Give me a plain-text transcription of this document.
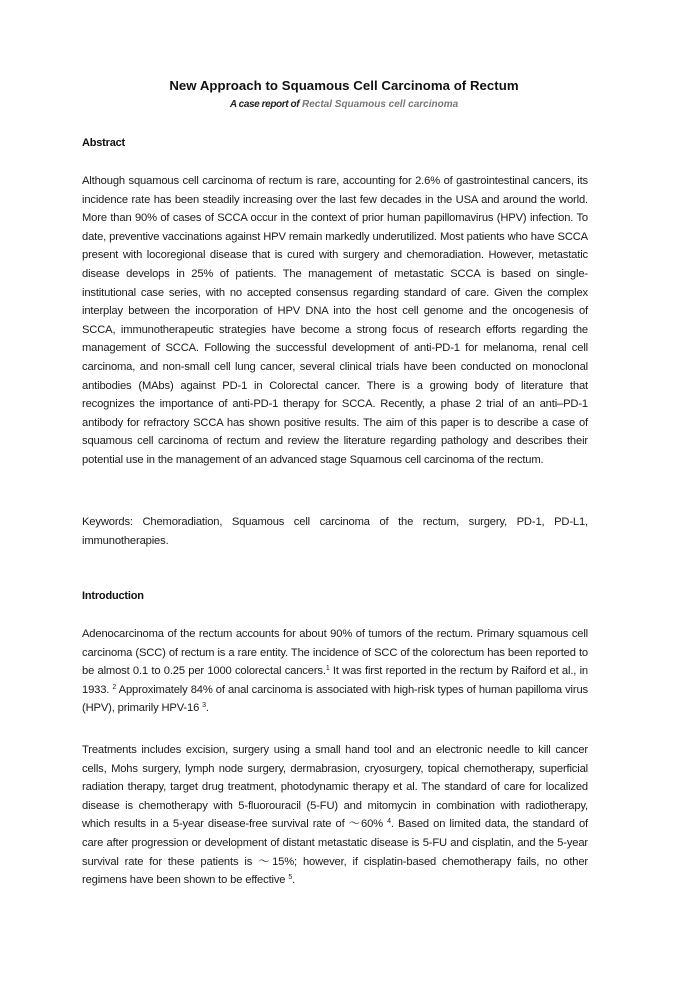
New Approach to Squamous Cell Carcinoma of Rectum
A case report of Rectal Squamous cell carcinoma
Abstract
Although squamous cell carcinoma of rectum is rare, accounting for 2.6% of gastrointestinal cancers, its incidence rate has been steadily increasing over the last few decades in the USA and around the world. More than 90% of cases of SCCA occur in the context of prior human papillomavirus (HPV) infection. To date, preventive vaccinations against HPV remain markedly underutilized. Most patients who have SCCA present with locoregional disease that is cured with surgery and chemoradiation. However, metastatic disease develops in 25% of patients. The management of metastatic SCCA is based on single-institutional case series, with no accepted consensus regarding standard of care. Given the complex interplay between the incorporation of HPV DNA into the host cell genome and the oncogenesis of SCCA, immunotherapeutic strategies have become a strong focus of research efforts regarding the management of SCCA. Following the successful development of anti-PD-1 for melanoma, renal cell carcinoma, and non-small cell lung cancer, several clinical trials have been conducted on monoclonal antibodies (MAbs) against PD-1 in Colorectal cancer. There is a growing body of literature that recognizes the importance of anti-PD-1 therapy for SCCA. Recently, a phase 2 trial of an anti–PD-1 antibody for refractory SCCA has shown positive results. The aim of this paper is to describe a case of squamous cell carcinoma of rectum and review the literature regarding pathology and describes their potential use in the management of an advanced stage Squamous cell carcinoma of the rectum.
Keywords: Chemoradiation, Squamous cell carcinoma of the rectum, surgery, PD-1, PD-L1, immunotherapies.
Introduction
Adenocarcinoma of the rectum accounts for about 90% of tumors of the rectum. Primary squamous cell carcinoma (SCC) of rectum is a rare entity. The incidence of SCC of the colorectum has been reported to be almost 0.1 to 0.25 per 1000 colorectal cancers.$^1$ It was first reported in the rectum by Raiford et al., in 1933. $^2$ Approximately 84% of anal carcinoma is associated with high-risk types of human papilloma virus (HPV), primarily HPV-16 $^3$.
Treatments includes excision, surgery using a small hand tool and an electronic needle to kill cancer cells, Mohs surgery, lymph node surgery, dermabrasion, cryosurgery, topical chemotherapy, superficial radiation therapy, target drug treatment, photodynamic therapy et al. The standard of care for localized disease is chemotherapy with 5-fluorouracil (5-FU) and mitomycin in combination with radiotherapy, which results in a 5-year disease-free survival rate of ～60% $^4$. Based on limited data, the standard of care after progression or development of distant metastatic disease is 5-FU and cisplatin, and the 5-year survival rate for these patients is ～15%; however, if cisplatin-based chemotherapy fails, no other regimens have been shown to be effective $^5$.
